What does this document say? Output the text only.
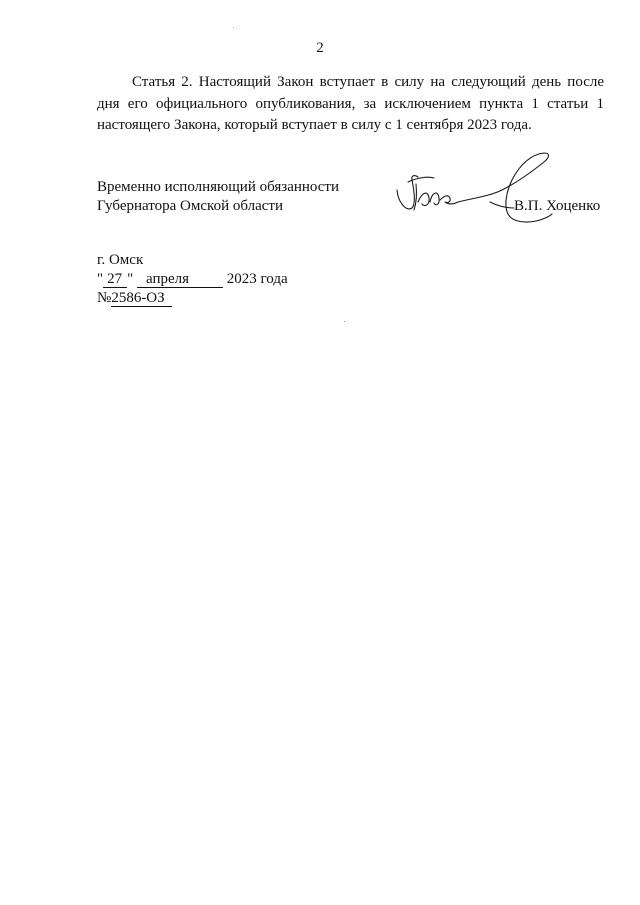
2

Статья 2. Настоящий Закон вступает в силу на следующий день после дня его официального опубликования, за исключением пункта 1 статьи 1 настоящего Закона, который вступает в силу с 1 сентября 2023 года.

Временно исполняющий обязанности
Губернатора Омской области	В.П. Хоценко
г. Омск
" 27 " апреля	2023 года
№2586-ОЗ
